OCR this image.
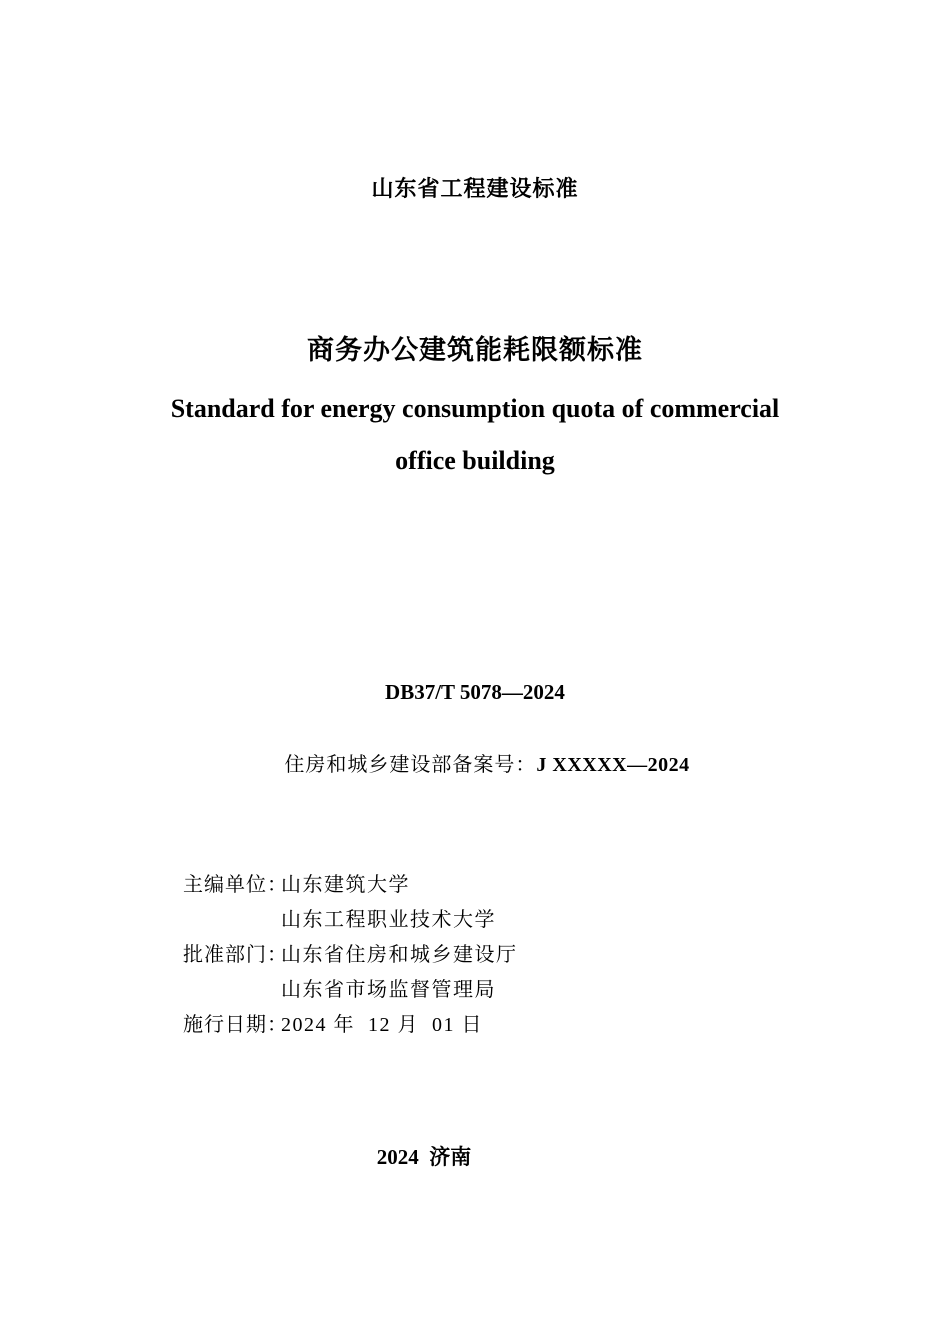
山东省工程建设标准
商务办公建筑能耗限额标准
Standard for energy consumption quota of commercial
office building
DB37/T 5078—2024

住房和城乡建设部备案号：J XXXXX—2024

主编单位：
山东建筑大学
山东工程职业技术大学
批准部门：
山东省住房和城乡建设厅
山东省市场监督管理局
施行日期：
2024 年  12 月  01 日
2024  济南
